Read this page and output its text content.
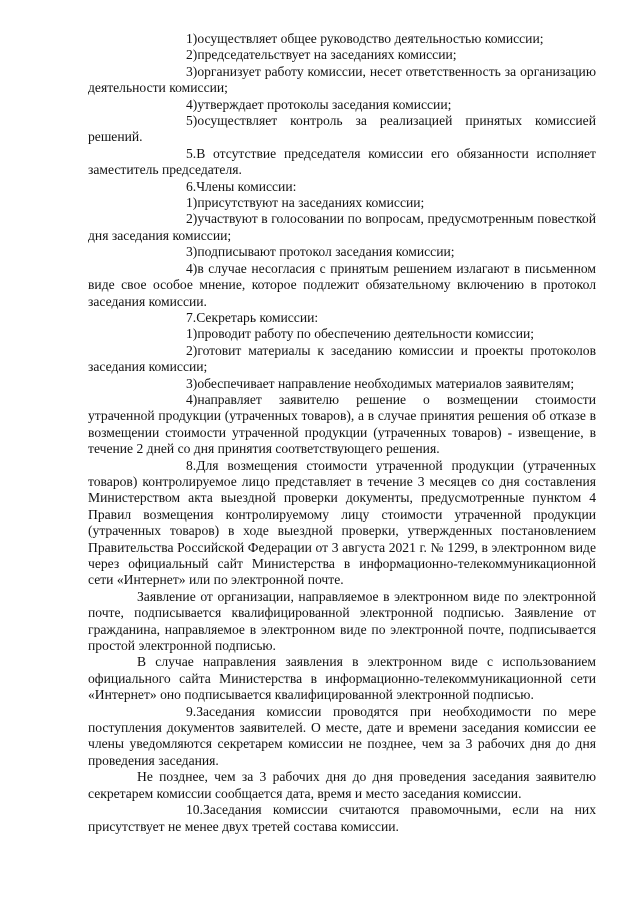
1)осуществляет общее руководство деятельностью комиссии;

2)председательствует на заседаниях комиссии;

3)организует работу комиссии, несет ответственность за организацию деятельности комиссии;

4)утверждает протоколы заседания комиссии;

5)осуществляет контроль за реализацией принятых комиссией решений.

5.В отсутствие председателя комиссии его обязанности исполняет заместитель председателя.

6.Члены комиссии:

1)присутствуют на заседаниях комиссии;

2)участвуют в голосовании по вопросам, предусмотренным повесткой дня заседания комиссии;

3)подписывают протокол заседания комиссии;

4)в случае несогласия с принятым решением излагают в письменном виде свое особое мнение, которое подлежит обязательному включению в протокол заседания комиссии.

7.Секретарь комиссии:

1)проводит работу по обеспечению деятельности комиссии;

2)готовит материалы к заседанию комиссии и проекты протоколов заседания комиссии;

3)обеспечивает направление необходимых материалов заявителям;

4)направляет заявителю решение о возмещении стоимости утраченной продукции (утраченных товаров), а в случае принятия решения об отказе в возмещении стоимости утраченной продукции (утраченных товаров) - извещение, в течение 2 дней со дня принятия соответствующего решения.

8.Для возмещения стоимости утраченной продукции (утраченных товаров) контролируемое лицо представляет в течение 3 месяцев со дня составления Министерством акта выездной проверки документы, предусмотренные пунктом 4 Правил возмещения контролируемому лицу стоимости утраченной продукции (утраченных товаров) в ходе выездной проверки, утвержденных постановлением Правительства Российской Федерации от 3 августа 2021 г. № 1299, в электронном виде через официальный сайт Министерства в информационно-телекоммуникационной сети «Интернет» или по электронной почте.

Заявление от организации, направляемое в электронном виде по электронной почте, подписывается квалифицированной электронной подписью. Заявление от гражданина, направляемое в электронном виде по электронной почте, подписывается простой электронной подписью.

В случае направления заявления в электронном виде с использованием официального сайта Министерства в информационно-телекоммуникационной сети «Интернет» оно подписывается квалифицированной электронной подписью.

9.Заседания комиссии проводятся при необходимости по мере поступления документов заявителей. О месте, дате и времени заседания комиссии ее члены уведомляются секретарем комиссии не позднее, чем за 3 рабочих дня до дня проведения заседания.

Не позднее, чем за 3 рабочих дня до дня проведения заседания заявителю секретарем комиссии сообщается дата, время и место заседания комиссии.

10.Заседания комиссии считаются правомочными, если на них присутствует не менее двух третей состава комиссии.
